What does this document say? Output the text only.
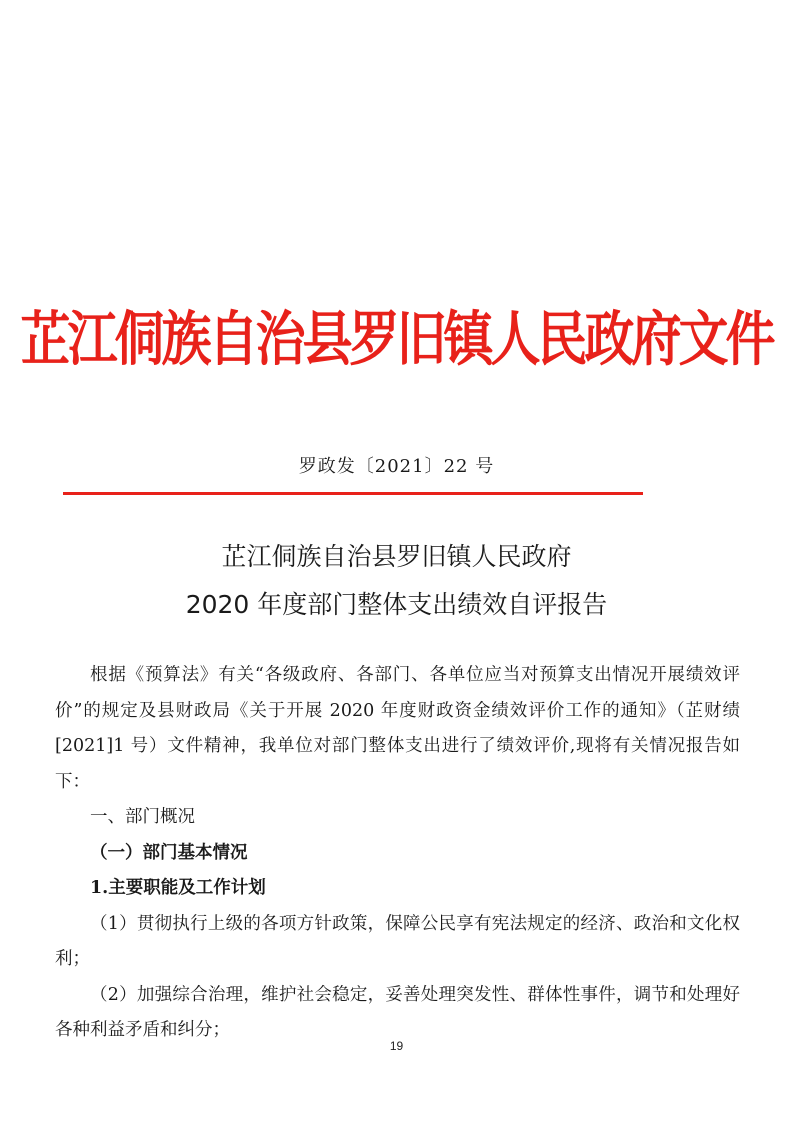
芷江侗族自治县罗旧镇人民政府文件
罗政发〔2021〕22 号
芷江侗族自治县罗旧镇人民政府
2020 年度部门整体支出绩效自评报告

根据《预算法》有关“各级政府、各部门、各单位应当对预算支出情况开展绩效评价”的规定及县财政局《关于开展 2020 年度财政资金绩效评价工作的通知》（芷财绩[2021]1 号）文件精神，我单位对部门整体支出进行了绩效评价,现将有关情况报告如下：

一、部门概况

（一）部门基本情况

1.主要职能及工作计划

（1）贯彻执行上级的各项方针政策，保障公民享有宪法规定的经济、政治和文化权利；

（2）加强综合治理，维护社会稳定，妥善处理突发性、群体性事件，调节和处理好各种利益矛盾和纠分；

19
